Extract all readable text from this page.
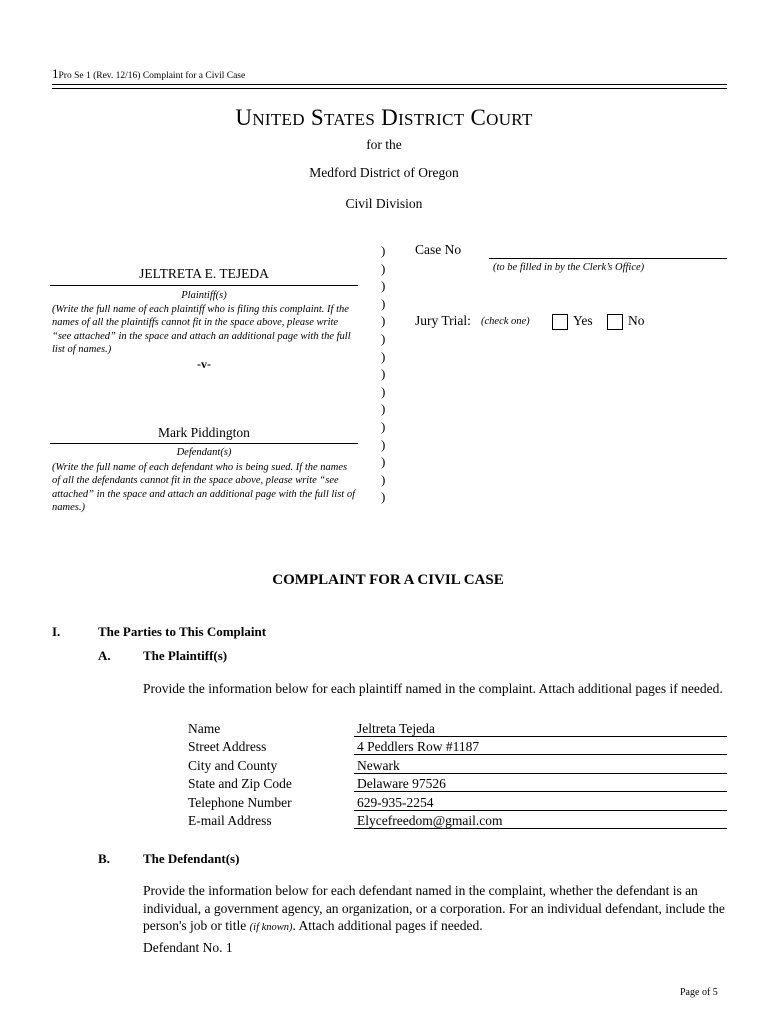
1Pro Se 1 (Rev. 12/16) Complaint for a Civil Case
UNITED STATES DISTRICT COURT
for the
Medford District of Oregon
Civil Division
JELTRETA E. TEJEDA
Plaintiff(s)
(Write the full name of each plaintiff who is filing this complaint. If the names of all the plaintiffs cannot fit in the space above, please write “see attached” in the space and attach an additional page with the full list of names.)
-v-
Mark Piddington
Defendant(s)
(Write the full name of each defendant who is being sued. If the names of all the defendants cannot fit in the space above, please write “see attached” in the space and attach an additional page with the full list of names.)
)
)
)
)
)
)
)
)
)
)
)
)
)
)
)
Case No
(to be filled in by the Clerk’s Office)
Jury Trial: (check one)	Yes	No
COMPLAINT FOR A CIVIL CASE
I.	The Parties to This Complaint
A. The Plaintiff(s)
Provide the information below for each plaintiff named in the complaint. Attach additional pages if needed.
Name	Jeltreta Tejeda
Street Address	4 Peddlers Row #1187
City and County	Newark
State and Zip Code	Delaware 97526
Telephone Number	629-935-2254
E-mail Address	Elycefreedom@gmail.com
B.	The Defendant(s)
Provide the information below for each defendant named in the complaint, whether the defendant is an individual, a government agency, an organization, or a corporation. For an individual defendant, include the person's job or title (if known). Attach additional pages if needed.
Defendant No. 1
Page of 5
